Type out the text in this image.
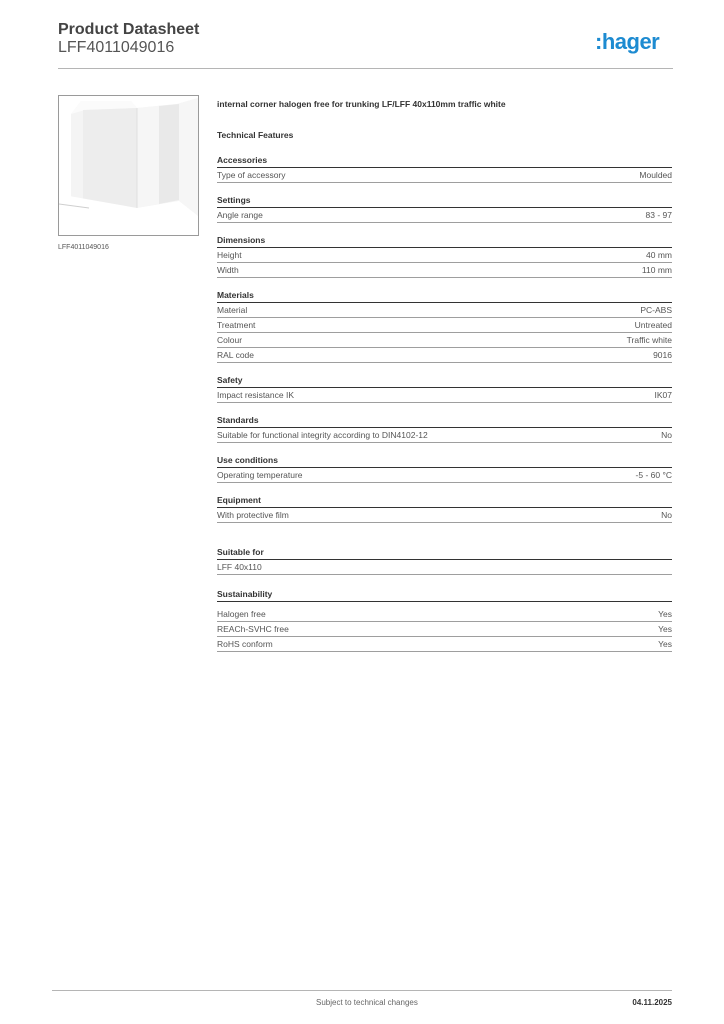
Product Datasheet
LFF4011049016	:hager
LFF4011049016
internal corner halogen free for trunking LF/LFF 40x110mm traffic white
Technical Features
Accessories
Type of accessory	Moulded
Settings
Angle range	83 - 97
Dimensions
Height	40 mm
Width	110 mm
Materials
Material	PC-ABS
Treatment	Untreated
Colour	Traffic white
RAL code	9016
Safety
Impact resistance IK	IK07
Standards
Suitable for functional integrity according to DIN4102-12	No
Use conditions
Operating temperature	-5 - 60 °C
Equipment
With protective film	No
Suitable for
LFF 40x110
Sustainability
Halogen free	Yes
REACh-SVHC free	Yes
RoHS conform	Yes
Subject to technical changes	04.11.2025
